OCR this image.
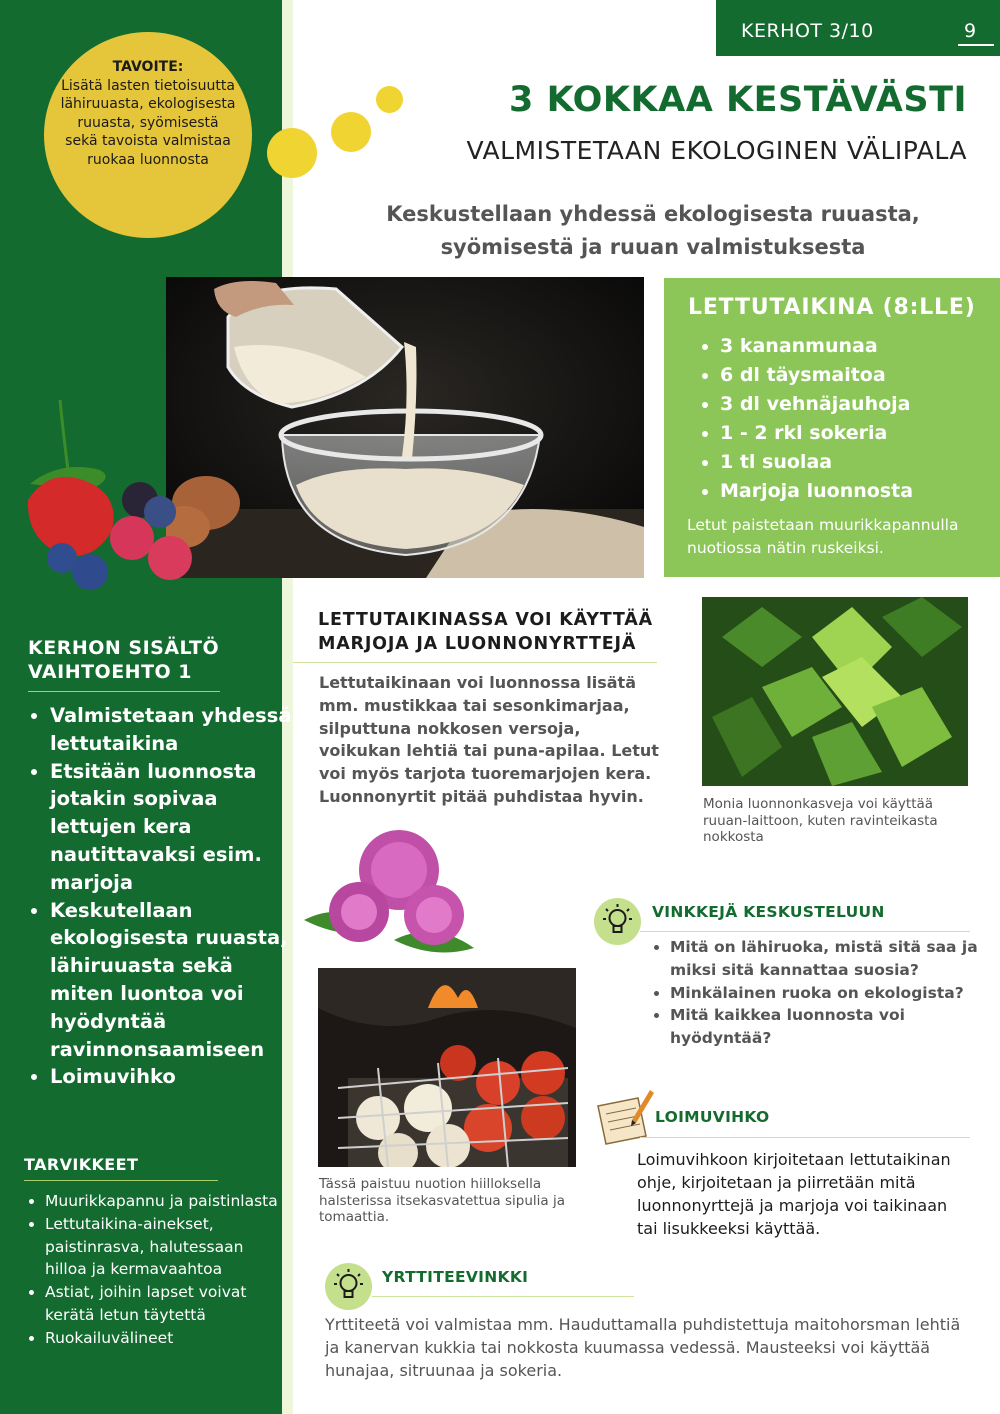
TAVOITE:
Lisätä lasten tietoisuutta lähiruuasta, ekologisesta ruuasta, syömisestä sekä tavoista valmistaa ruokaa luonnosta
KERHOT 3/10	9
3 KOKKAA KESTÄVÄSTI
VALMISTETAAN EKOLOGINEN VÄLIPALA
Keskustellaan yhdessä ekologisesta ruuasta, syömisestä ja ruuan valmistuksesta
LETTUTAIKINA (8:LLE)
• 3 kananmunaa
• 6 dl täysmaitoa
• 3 dl vehnäjauhoja
• 1 - 2 rkl sokeria
• 1 tl suolaa
• Marjoja luonnosta
Letut paistetaan muurikkapannulla nuotiossa nätin ruskeiksi.
KERHON SISÄLTÖ VAIHTOEHTO 1
• Valmistetaan yhdessä lettutaikina
• Etsitään luonnosta jotakin sopivaa lettujen kera nautittavaksi esim. marjoja
• Keskutellaan ekologisesta ruuasta, lähiruuasta sekä miten luontoa voi hyödyntää ravinnonsaamiseen
• Loimuvihko
TARVIKKEET
• Muurikkapannu ja paistinlasta
• Lettutaikina-ainekset, paistinrasva, halutessaan hilloa ja kermavaahtoa
• Astiat, joihin lapset voivat kerätä letun täytettä
• Ruokailuvälineet
LETTUTAIKINASSA VOI KÄYTTÄÄ MARJOJA JA LUONNONYRTTEJÄ
Lettutaikinaan voi luonnossa lisätä mm. mustikkaa tai sesonkimarjaa, silputtuna nokkosen versoja, voikukan lehtiä tai puna-apilaa. Letut voi myös tarjota tuoremarjojen kera. Luonnonyrtit pitää puhdistaa hyvin.	Monia luonnonkasveja voi käyttää ruuan-laittoon, kuten ravinteikasta nokkosta
Tässä paistuu nuotion hiilloksella halsterissa itsekasvatettua sipulia ja tomaattia.
VINKKEJÄ KESKUSTELUUN
• Mitä on lähiruoka, mistä sitä saa ja miksi sitä kannattaa suosia?
• Minkälainen ruoka on ekologista?
• Mitä kaikkea luonnosta voi hyödyntää?
LOIMUVIHKO
Loimuvihkoon kirjoitetaan lettutaikinan ohje, kirjoitetaan ja piirretään mitä luonnonyrttejä ja marjoja voi taikinaan tai lisukkeeksi käyttää.
YRTTITEEVINKKI
Yrttiteetä voi valmistaa mm. Hauduttamalla puhdistettuja maitohorsman lehtiä ja kanervan kukkia tai nokkosta kuumassa vedessä. Mausteeksi voi käyttää hunajaa, sitruunaa ja sokeria.
